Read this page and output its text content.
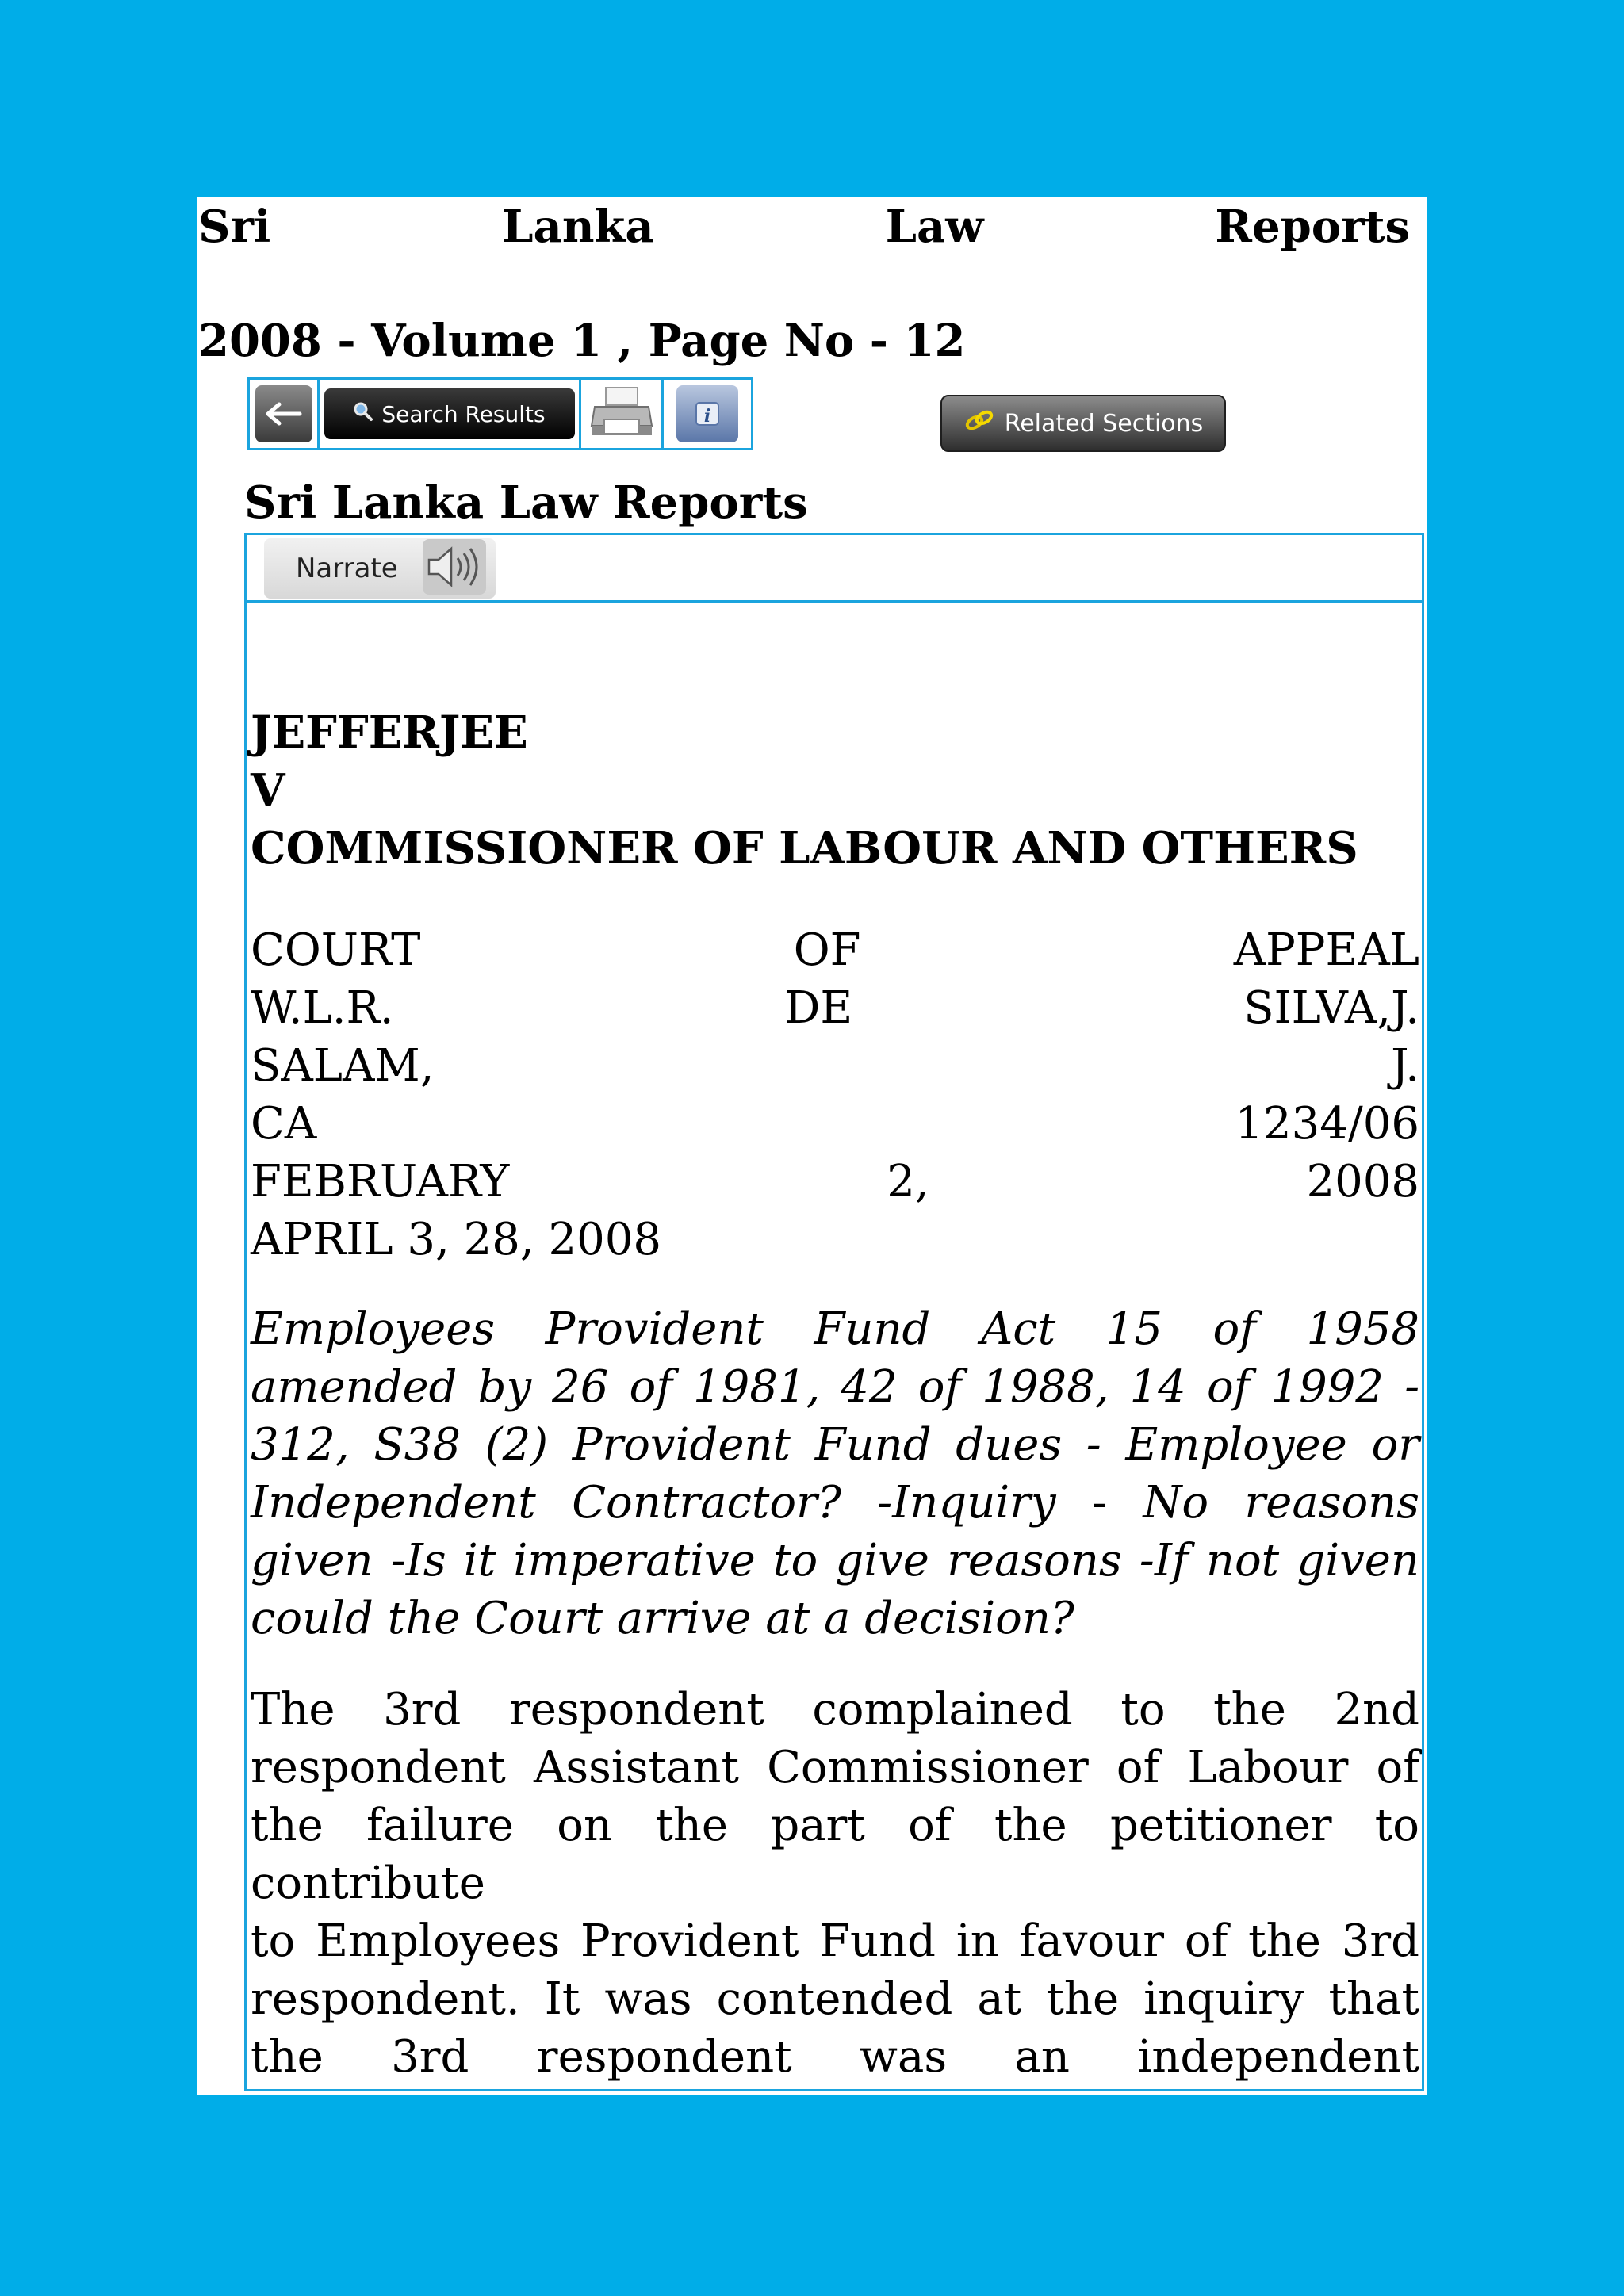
Sri	Lanka	Law	Reports
2008 - Volume 1 , Page No - 12
Search Results	i	Related Sections
Sri Lanka Law Reports
Narrate
JEFFERJEE
V
COMMISSIONER OF LABOUR AND OTHERS
COURT	OF	APPEAL
W.L.R.	DE	SILVA,J.
SALAM,	J.
CA	1234/06
FEBRUARY	2,	2008
APRIL 3, 28, 2008
Employees Provident Fund Act 15 of 1958
amended by 26 of 1981, 42 of 1988, 14 of 1992 -
312, S38 (2) Provident Fund dues - Employee or
Independent Contractor? -Inquiry - No reasons
given -Is it imperative to give reasons -If not given
could the Court arrive at a decision?
The 3rd respondent complained to the 2nd
respondent Assistant Commissioner of Labour of
the failure on the part of the petitioner to
contribute
to Employees Provident Fund in favour of the 3rd
respondent. It was contended at the inquiry that
the 3rd respondent was an independent
